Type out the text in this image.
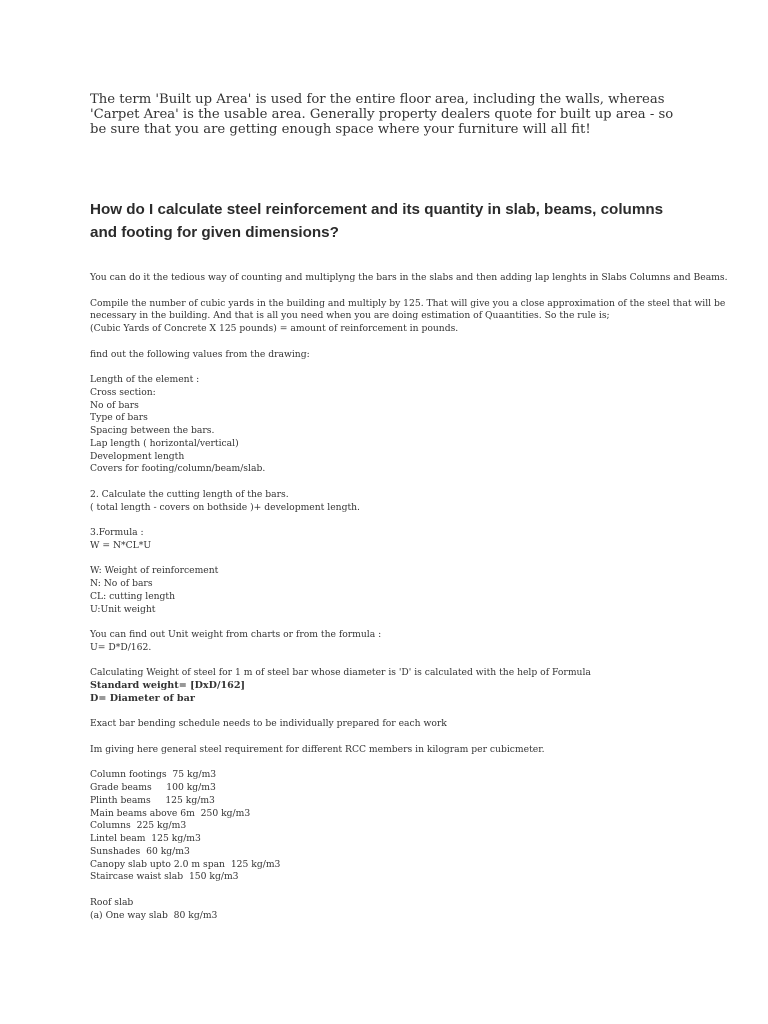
The term 'Built up Area' is used for the entire floor area, including the walls, whereas 'Carpet Area' is the usable area. Generally property dealers quote for built up area - so be sure that you are getting enough space where your furniture will all fit!
How do I calculate steel reinforcement and its quantity in slab, beams, columns and footing for given dimensions?
You can do it the tedious way of counting and multiplyng the bars in the slabs and then adding lap lenghts in Slabs Columns and Beams.
Compile the number of cubic yards in the building and multiply by 125. That will give you a close approximation of the steel that will be
necessary in the building. And that is all you need when you are doing estimation of Quaantities. So the rule is;
(Cubic Yards of Concrete X 125 pounds) = amount of reinforcement in pounds.
find out the following values from the drawing:
Length of the element :
Cross section:
No of bars
Type of bars
Spacing between the bars.
Lap length ( horizontal/vertical)
Development length
Covers for footing/column/beam/slab.
2. Calculate the cutting length of the bars.
( total length - covers on bothside )+ development length.
3.Formula :
W = N*CL*U
W: Weight of reinforcement
N: No of bars
CL: cutting length
U:Unit weight
You can find out Unit weight from charts or from the formula :
U= D*D/162.
Calculating Weight of steel for 1 m of steel bar whose diameter is 'D' is calculated with the help of Formula
Standard weight= [DxD/162]
D= Diameter of bar
Exact bar bending schedule needs to be individually prepared for each work
Im giving here general steel requirement for different RCC members in kilogram per cubicmeter.
Column footings  75 kg/m3
Grade beams     100 kg/m3
Plinth beams     125 kg/m3
Main beams above 6m  250 kg/m3
Columns  225 kg/m3
Lintel beam  125 kg/m3
Sunshades  60 kg/m3
Canopy slab upto 2.0 m span  125 kg/m3
Staircase waist slab  150 kg/m3
Roof slab
(a) One way slab  80 kg/m3
